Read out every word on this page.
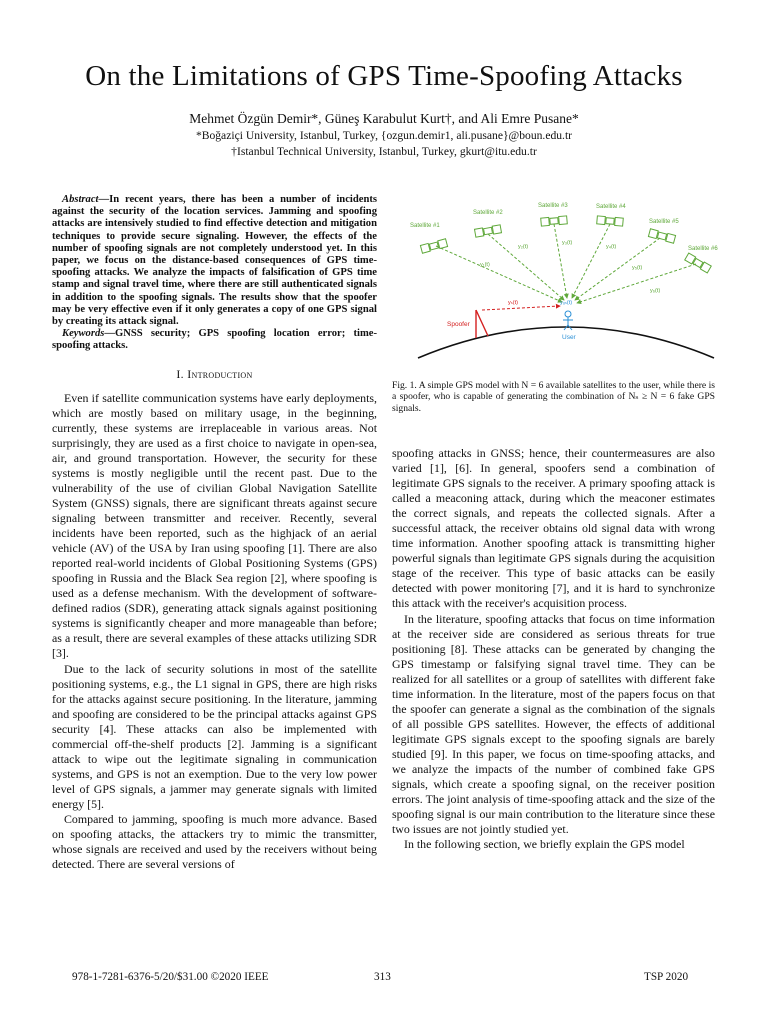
On the Limitations of GPS Time-Spoofing Attacks
Mehmet Özgün Demir*, Güneş Karabulut Kurt†, and Ali Emre Pusane*
*Boğaziçi University, Istanbul, Turkey, {ozgun.demir1, ali.pusane}@boun.edu.tr
†Istanbul Technical University, Istanbul, Turkey, gkurt@itu.edu.tr
Abstract—In recent years, there has been a number of incidents against the security of the location services. Jamming and spoofing attacks are intensively studied to find effective detection and mitigation techniques to provide secure signaling. However, the effects of the number of spoofing signals are not completely understood yet. In this paper, we focus on the distance-based consequences of GPS time-spoofing attacks. We analyze the impacts of falsification of GPS time stamp and signal travel time, where there are still authenticated signals in addition to the spoofing signals. The results show that the spoofer may be very effective even if it only generates a copy of one GPS signal by creating its attack signal.
Keywords—GNSS security; GPS spoofing location error; time-spoofing attacks.
I. Introduction

Even if satellite communication systems have early deployments, which are mostly based on military usage, in the beginning, currently, these systems are irreplaceable in various areas. Not surprisingly, they are used as a first choice to navigate in open-sea, air, and ground transportation. However, the security for these systems is mostly negligible until the recent past. Due to the vulnerability of the use of civilian Global Navigation Satellite System (GNSS) signals, there are significant threats against secure signaling between transmitter and receiver. Recently, several incidents have been reported, such as the highjack of an aerial vehicle (AV) of the USA by Iran using spoofing [1]. There are also reported real-world incidents of Global Positioning Systems (GPS) spoofing in Russia and the Black Sea region [2], where spoofing is used as a defense mechanism. With the development of software-defined radios (SDR), generating attack signals against positioning systems is significantly cheaper and more manageable than before; as a result, there are several examples of these attacks utilizing SDR [3].

Due to the lack of security solutions in most of the satellite positioning systems, e.g., the L1 signal in GPS, there are high risks for the attacks against secure positioning. In the literature, jamming and spoofing are considered to be the principal attacks against GPS security [4]. These attacks can also be implemented with commercial off-the-shelf products [2]. Jamming is a significant attack to wipe out the legitimate signaling in communication systems, and GPS is not an exemption. Due to the very low power level of GPS signals, a jammer may generate signals with limited energy [5].

Compared to jamming, spoofing is much more advance. Based on spoofing attacks, the attackers try to mimic the transmitter, whose signals are received and used by the receivers without being detected. There are several versions of

Satellite #1
Satellite #2
Satellite #3	Satellite #4
Satellite #5
Satellite #6
y₁(t)
y₂(t)
y₃(t)
y₄(t)
y₅(t)
y₆(t)
yₛ(t)	yᵤₛ(t)
Spoofer
User
Fig. 1. A simple GPS model with N = 6 available satellites to the user, while there is a spoofer, who is capable of generating the combination of Nₛ ≥ N = 6 fake GPS signals.

spoofing attacks in GNSS; hence, their countermeasures are also varied [1], [6]. In general, spoofers send a combination of legitimate GPS signals to the receiver. A primary spoofing attack is called a meaconing attack, during which the meaconer estimates the correct signals, and repeats the collected signals. After a successful attack, the receiver obtains old signal data with wrong time information. Another spoofing attack is transmitting higher powerful signals than legitimate GPS signals during the acquisition stage of the receiver. This type of basic attacks can be easily detected with power monitoring [7], and it is hard to synchronize this attack with the receiver's acquisition process.

In the literature, spoofing attacks that focus on time information at the receiver side are considered as serious threats for true positioning [8]. These attacks can be generated by changing the GPS timestamp or falsifying signal travel time. They can be realized for all satellites or a group of satellites with different fake time information. In the literature, most of the papers focus on that the spoofer can generate a signal as the combination of the signals of all possible GPS satellites. However, the effects of additional legitimate GPS signals except to the spoofing signals are barely studied [9]. In this paper, we focus on time-spoofing attacks, and we analyze the impacts of the number of combined fake GPS signals, which create a spoofing signal, on the receiver position errors. The joint analysis of time-spoofing attack and the size of the spoofing signal is our main contribution to the literature since these two issues are not jointly studied yet.

In the following section, we briefly explain the GPS model

978-1-7281-6376-5/20/$31.00 ©2020 IEEE	313	TSP 2020
